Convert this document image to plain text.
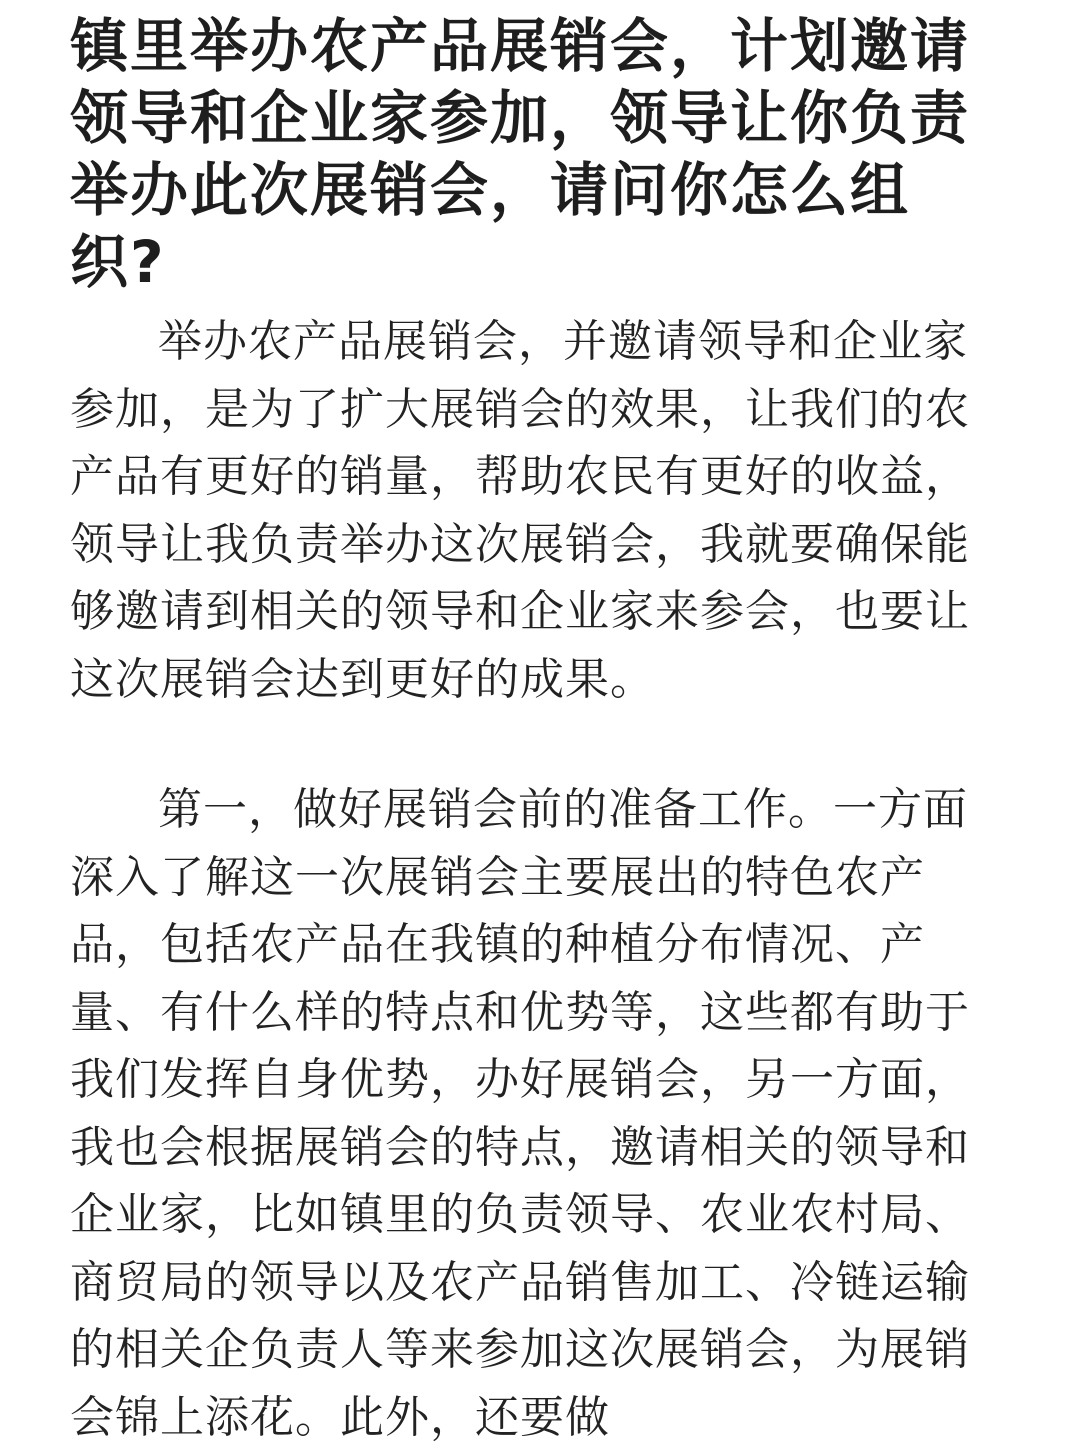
镇里举办农产品展销会，计划邀请领导和企业家参加，领导让你负责举办此次展销会，请问你怎么组织?

举办农产品展销会，并邀请领导和企业家参加，是为了扩大展销会的效果，让我们的农产品有更好的销量，帮助农民有更好的收益，领导让我负责举办这次展销会，我就要确保能够邀请到相关的领导和企业家来参会，也要让这次展销会达到更好的成果。

第一，做好展销会前的准备工作。一方面深入了解这一次展销会主要展出的特色农产品，包括农产品在我镇的种植分布情况、产量、有什么样的特点和优势等，这些都有助于我们发挥自身优势，办好展销会，另一方面，我也会根据展销会的特点，邀请相关的领导和企业家，比如镇里的负责领导、农业农村局、商贸局的领导以及农产品销售加工、冷链运输的相关企负责人等来参加这次展销会，为展销会锦上添花。此外，还要做
